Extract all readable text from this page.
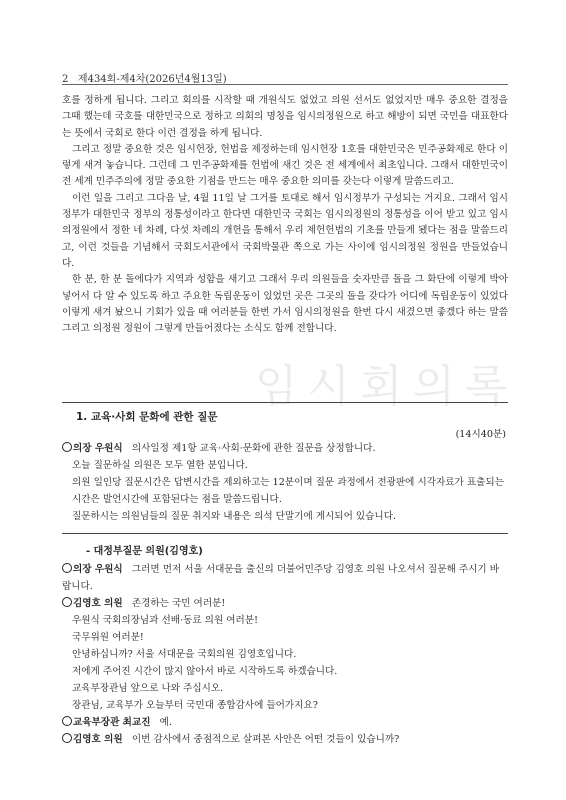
2 제434회-제4차(2026년4월13일)

호를 정하게 됩니다. 그리고 회의를 시작할 때 개원식도 없었고 의원 선서도 없었지만 매우 중요한 결정을 그때 했는데 국호를 대한민국으로 정하고 의회의 명칭을 임시의정원으로 하고 해방이 되면 국민을 대표한다는 뜻에서 국회로 한다 이런 결정을 하게 됩니다.

그리고 정말 중요한 것은 임시헌장, 헌법을 제정하는데 임시헌장 1호를 대한민국은 민주공화제로 한다 이렇게 새겨 놓습니다. 그런데 그 민주공화제를 헌법에 새긴 것은 전 세계에서 최초입니다. 그래서 대한민국이 전 세계 민주주의에 정말 중요한 기점을 만드는 매우 중요한 의미를 갖는다 이렇게 말씀드리고.

이런 일을 그리고 그다음 날, 4월 11일 날 그거를 토대로 해서 임시정부가 구성되는 거지요. 그래서 임시정부가 대한민국 정부의 정통성이라고 한다면 대한민국 국회는 임시의정원의 정통성을 이어 받고 있고 임시의정원에서 정한 네 차례, 다섯 차례의 개헌을 통해서 우리 제헌헌법의 기초를 만들게 됐다는 점을 말씀드리고, 이런 것들을 기념해서 국회도서관에서 국회박물관 쪽으로 가는 사이에 임시의정원 정원을 만들었습니다.

한 분, 한 분 돌에다가 지역과 성함을 새기고 그래서 우리 의원들을 숫자만큼 돌을 그 화단에 이렇게 박아 넣어서 다 알 수 있도록 하고 주요한 독립운동이 있었던 곳은 그곳의 돌을 갖다가 어디에 독립운동이 있었다 이렇게 새겨 놨으니 기회가 있을 때 여러분들 한번 가서 임시의정원을 한번 다시 새겼으면 좋겠다 하는 말씀 그리고 의정원 정원이 그렇게 만들어졌다는 소식도 함께 전합니다.

임시회의록
1. 교육·사회 문화에 관한 질문
(14시40분)

의장 우원식 의사일정 제1항 교육·사회·문화에 관한 질문을 상정합니다.

오늘 질문하실 의원은 모두 열한 분입니다.

의원 일인당 질문시간은 답변시간을 제외하고는 12분이며 질문 과정에서 전광판에 시각자료가 표출되는 시간은 발언시간에 포함된다는 점을 말씀드립니다.

질문하시는 의원님들의 질문 취지와 내용은 의석 단말기에 게시되어 있습니다.

- 대정부질문 의원(김영호)

의장 우원식 그러면 먼저 서울 서대문을 출신의 더불어민주당 김영호 의원 나오셔서 질문해 주시기 바랍니다.

김영호 의원 존경하는 국민 여러분!

우원식 국회의장님과 선배·동료 의원 여러분!

국무위원 여러분!

안녕하십니까? 서울 서대문을 국회의원 김영호입니다.

저에게 주어진 시간이 많지 않아서 바로 시작하도록 하겠습니다.

교육부장관님 앞으로 나와 주십시오.

장관님, 교육부가 오늘부터 국민대 종합감사에 들어가지요?

교육부장관 최교진 예.

김영호 의원 이번 감사에서 중점적으로 살펴본 사안은 어떤 것들이 있습니까?
